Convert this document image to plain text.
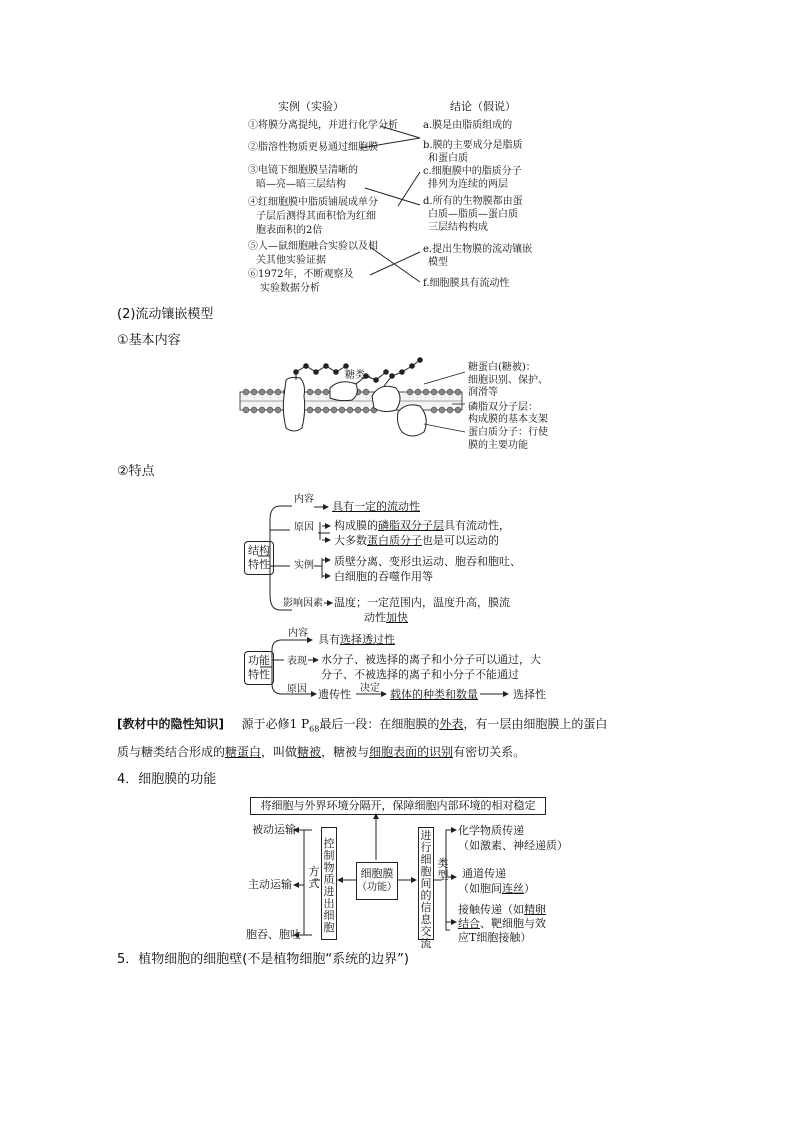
实例（实验）	结论（假说）
①将膜分离提纯，并进行化学分析
②脂溶性物质更易通过细胞膜
③电镜下细胞膜呈清晰的
暗—亮—暗三层结构
④红细胞膜中脂质铺展成单分
子层后测得其面积恰为红细
胞表面积的2倍
⑤人—鼠细胞融合实验以及相
关其他实验证据
⑥1972年，不断观察及
实验数据分析
a.膜是由脂质组成的
b.膜的主要成分是脂质
和蛋白质
c.细胞膜中的脂质分子
排列为连续的两层
d.所有的生物膜都由蛋
白质—脂质—蛋白质
三层结构构成
e.提出生物膜的流动镶嵌
模型
f.细胞膜具有流动性
(2)流动镶嵌模型
①基本内容
糖类
糖蛋白(糖被)：
细胞识别、保护、
润滑等
磷脂双分子层：
构成膜的基本支架
蛋白质分子：行使
膜的主要功能
②特点
结构
特性
内容
具有一定的流动性
原因 构成膜的磷脂双分子层具有流动性，
大多数蛋白质分子也是可以运动的
实例 质壁分离、变形虫运动、胞吞和胞吐、
白细胞的吞噬作用等
影响因素 温度；一定范围内，温度升高，膜流
动性加快
功能
特性
内容 具有选择透过性
表现 水分子、被选择的离子和小分子可以通过，大
分子、不被选择的离子和小分子不能通过
原因 遗传性 决定 载体的种类和数量	选择性
[教材中的隐性知识] 源于必修1 $P_{68}$最后一段：在细胞膜的外表，有一层由细胞膜上的蛋白
质与糖类结合形成的糖蛋白，叫做糖被，糖被与细胞表面的识别有密切关系。
4．细胞膜的功能
将细胞与外界环境分隔开，保障细胞内部环境的相对稳定
被动运输
主动运输
胞吞、胞吐
方式
控制物质进出细胞
细胞膜
（功能）
进行细胞间的信息交流
类型
化学物质传递
（如激素、神经递质）
通道传递
（如胞间连丝）
接触传递（如精卵
结合、靶细胞与效
应T细胞接触）
5．植物细胞的细胞壁(不是植物细胞“系统的边界”)
